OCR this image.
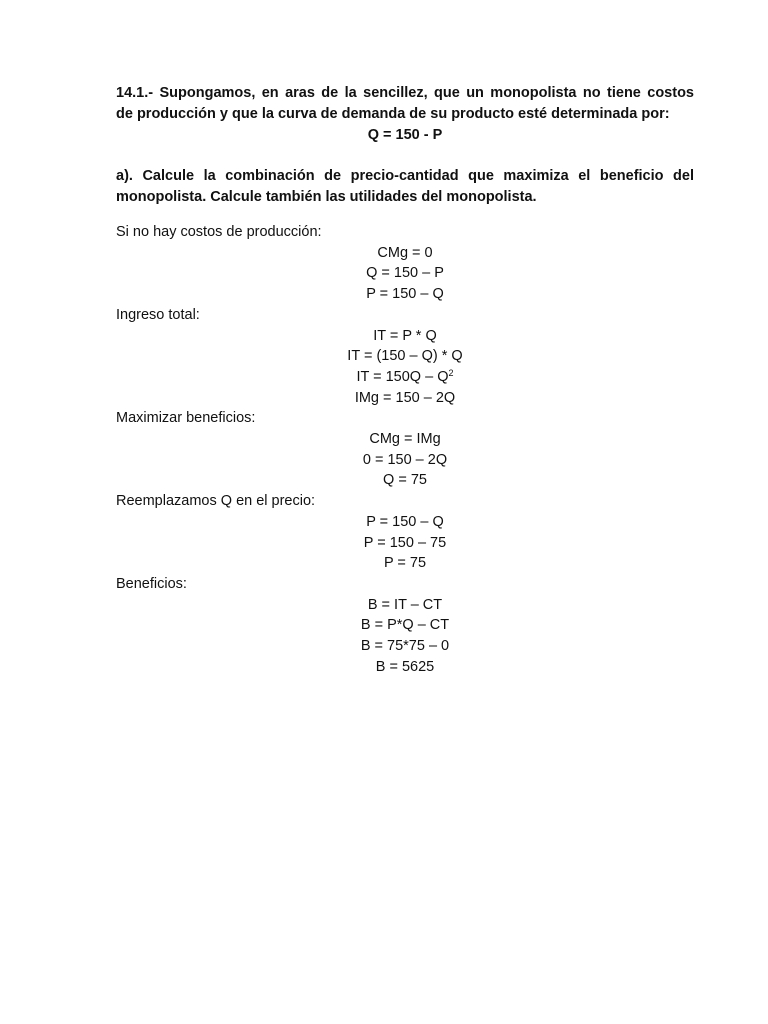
14.1.- Supongamos, en aras de la sencillez, que un monopolista no tiene costos
de producción y que la curva de demanda de su producto esté determinada por:
Q = 150 - P
a). Calcule la combinación de precio-cantidad que maximiza el beneficio del
monopolista. Calcule también las utilidades del monopolista.
Si no hay costos de producción:
CMg = 0
Q = 150 – P
P = 150 – Q
Ingreso total:
IT = P * Q
IT = (150 – Q) * Q
IT = $150Q - Q^2$
IMg = 150 – 2Q
Maximizar beneficios:
CMg = IMg
0 = 150 – 2Q
Q = 75
Reemplazamos Q en el precio:
P = 150 – Q
P = 150 – 75
P = 75
Beneficios:
B = IT – CT
B = P*Q – CT
B = 75*75 – 0
B = 5625
